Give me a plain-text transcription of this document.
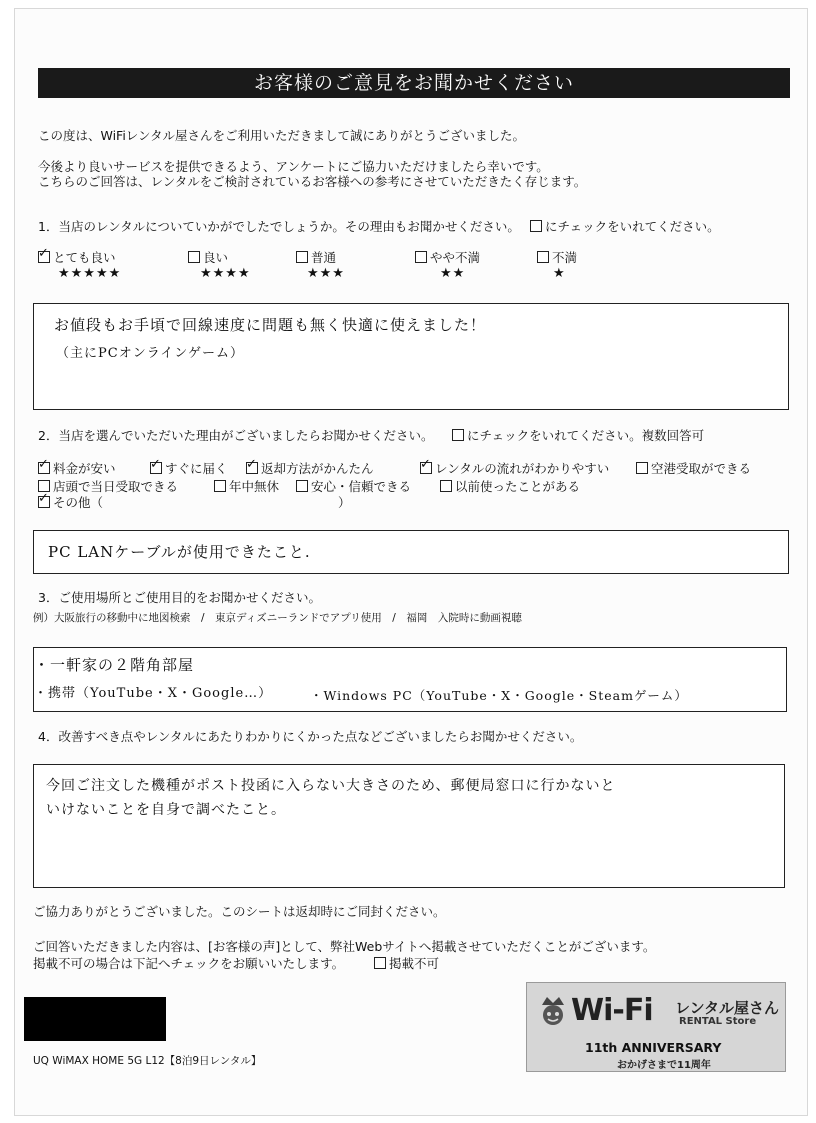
お客様のご意見をお聞かせください
この度は、WiFiレンタル屋さんをご利用いただきまして誠にありがとうございました。
今後より良いサービスを提供できるよう、アンケートにご協力いただけましたら幸いです。
こちらのご回答は、レンタルをご検討されているお客様への参考にさせていただきたく存じます。
1．当店のレンタルについていかがでしたでしょうか。その理由もお聞かせください。	にチェックをいれてください。
✓とても良い
★★★★★
良い
★★★★
普通
★★★
やや不満
★★
不満
★
お値段もお手頃で回線速度に問題も無く快適に使えました！
（主にPCオンラインゲーム）
2．当店を選んでいただいた理由がございましたらお聞かせください。	にチェックをいれてください。複数回答可
✓料金が安い ✓	すぐに届く ✓	返却方法がかんたん ✓	レンタルの流れがわかりやすい	空港受取ができる
店頭で当日受取できる	年中無休	安心・信頼できる	以前使ったことがある
✓その他（	）
PC LANケーブルが使用できたこと.
3．ご使用場所とご使用目的をお聞かせください。
例）大阪旅行の移動中に地図検索　/　東京ディズニーランドでアプリ使用　/　福岡　入院時に動画視聴
・一軒家の２階角部屋
・携帯（YouTube・X・Google…）	・Windows PC（YouTube・X・Google・Steamゲーム）
4．改善すべき点やレンタルにあたりわかりにくかった点などございましたらお聞かせください。
今回ご注文した機種がポスト投函に入らない大きさのため、郵便局窓口に行かないと
いけないことを自身で調べたこと。
ご協力ありがとうございました。このシートは返却時にご同封ください。
ご回答いただきました内容は、[お客様の声]として、弊社Webサイトへ掲載させていただくことがございます。
掲載不可の場合は下記へチェックをお願いいたします。	掲載不可
UQ WiMAX HOME 5G L12【8泊9日レンタル】
Wi-Fi レンタル屋さん
RENTAL Store
11th ANNIVERSARY
おかげさまで11周年
